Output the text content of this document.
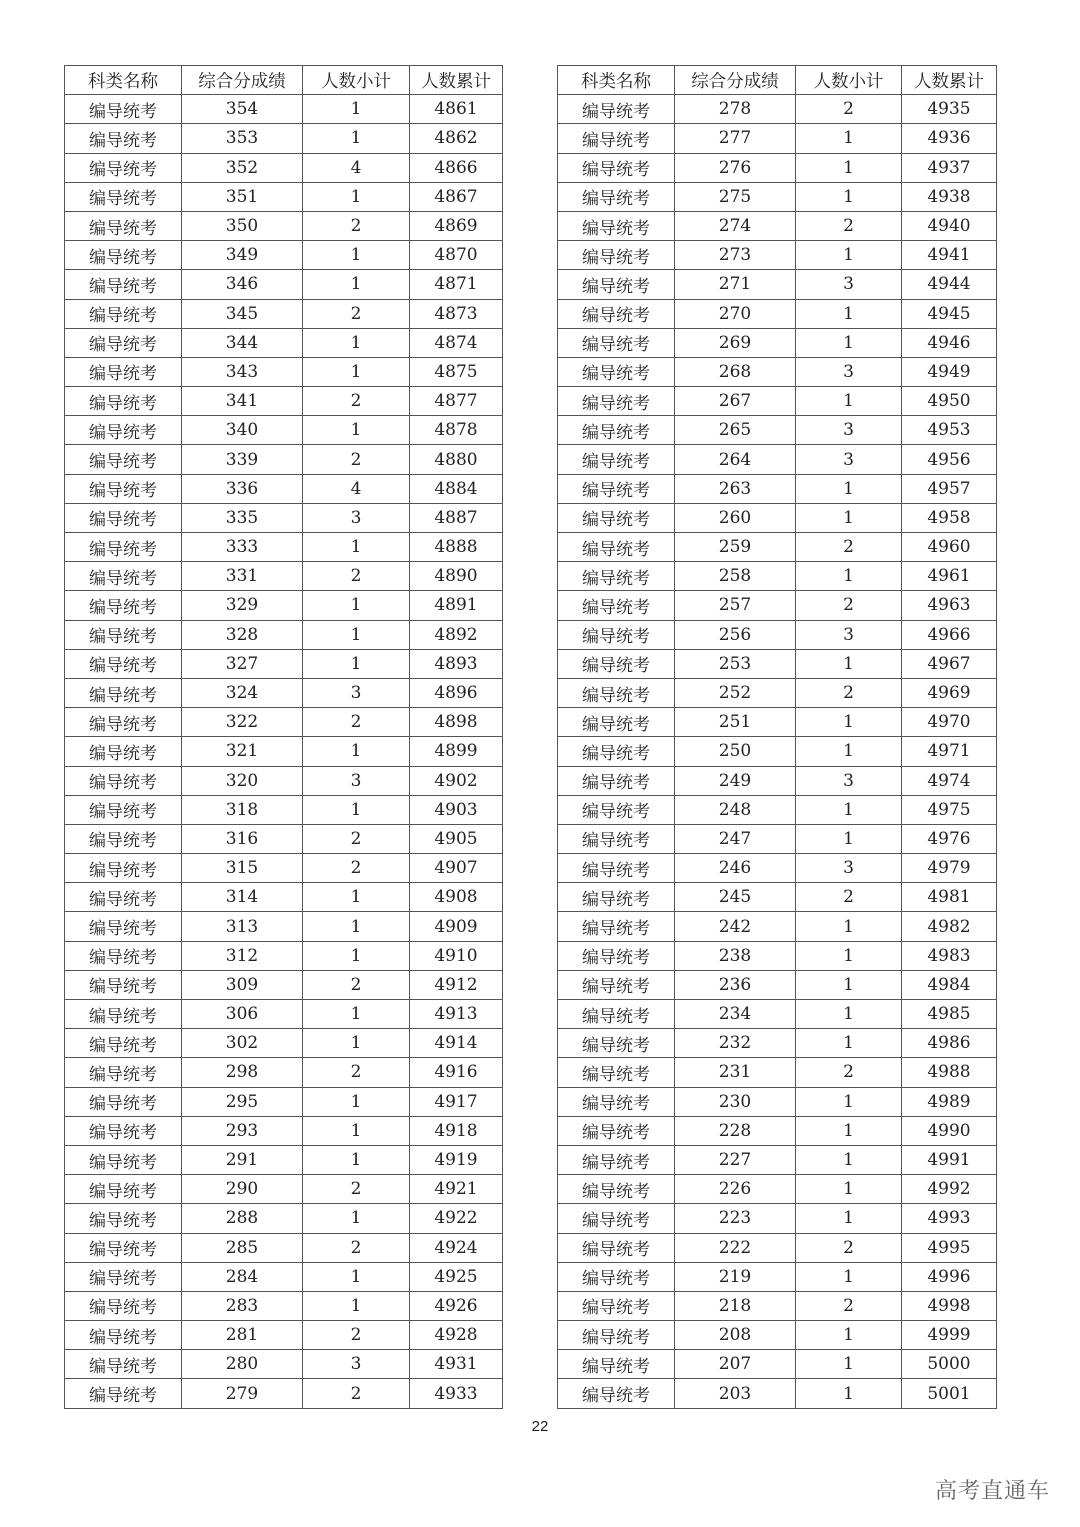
科类名称	综合分成绩	人数小计	人数累计
编导统考	354	1	4861
编导统考	353	1	4862
编导统考	352	4	4866
编导统考	351	1	4867
编导统考	350	2	4869
编导统考	349	1	4870
编导统考	346	1	4871
编导统考	345	2	4873
编导统考	344	1	4874
编导统考	343	1	4875
编导统考	341	2	4877
编导统考	340	1	4878
编导统考	339	2	4880
编导统考	336	4	4884
编导统考	335	3	4887
编导统考	333	1	4888
编导统考	331	2	4890
编导统考	329	1	4891
编导统考	328	1	4892
编导统考	327	1	4893
编导统考	324	3	4896
编导统考	322	2	4898
编导统考	321	1	4899
编导统考	320	3	4902
编导统考	318	1	4903
编导统考	316	2	4905
编导统考	315	2	4907
编导统考	314	1	4908
编导统考	313	1	4909
编导统考	312	1	4910
编导统考	309	2	4912
编导统考	306	1	4913
编导统考	302	1	4914
编导统考	298	2	4916
编导统考	295	1	4917
编导统考	293	1	4918
编导统考	291	1	4919
编导统考	290	2	4921
编导统考	288	1	4922
编导统考	285	2	4924
编导统考	284	1	4925
编导统考	283	1	4926
编导统考	281	2	4928
编导统考	280	3	4931
编导统考	279	2	4933
科类名称	综合分成绩	人数小计	人数累计
编导统考	278	2	4935
编导统考	277	1	4936
编导统考	276	1	4937
编导统考	275	1	4938
编导统考	274	2	4940
编导统考	273	1	4941
编导统考	271	3	4944
编导统考	270	1	4945
编导统考	269	1	4946
编导统考	268	3	4949
编导统考	267	1	4950
编导统考	265	3	4953
编导统考	264	3	4956
编导统考	263	1	4957
编导统考	260	1	4958
编导统考	259	2	4960
编导统考	258	1	4961
编导统考	257	2	4963
编导统考	256	3	4966
编导统考	253	1	4967
编导统考	252	2	4969
编导统考	251	1	4970
编导统考	250	1	4971
编导统考	249	3	4974
编导统考	248	1	4975
编导统考	247	1	4976
编导统考	246	3	4979
编导统考	245	2	4981
编导统考	242	1	4982
编导统考	238	1	4983
编导统考	236	1	4984
编导统考	234	1	4985
编导统考	232	1	4986
编导统考	231	2	4988
编导统考	230	1	4989
编导统考	228	1	4990
编导统考	227	1	4991
编导统考	226	1	4992
编导统考	223	1	4993
编导统考	222	2	4995
编导统考	219	1	4996
编导统考	218	2	4998
编导统考	208	1	4999
编导统考	207	1	5000
编导统考	203	1	5001
22
高考直通车
